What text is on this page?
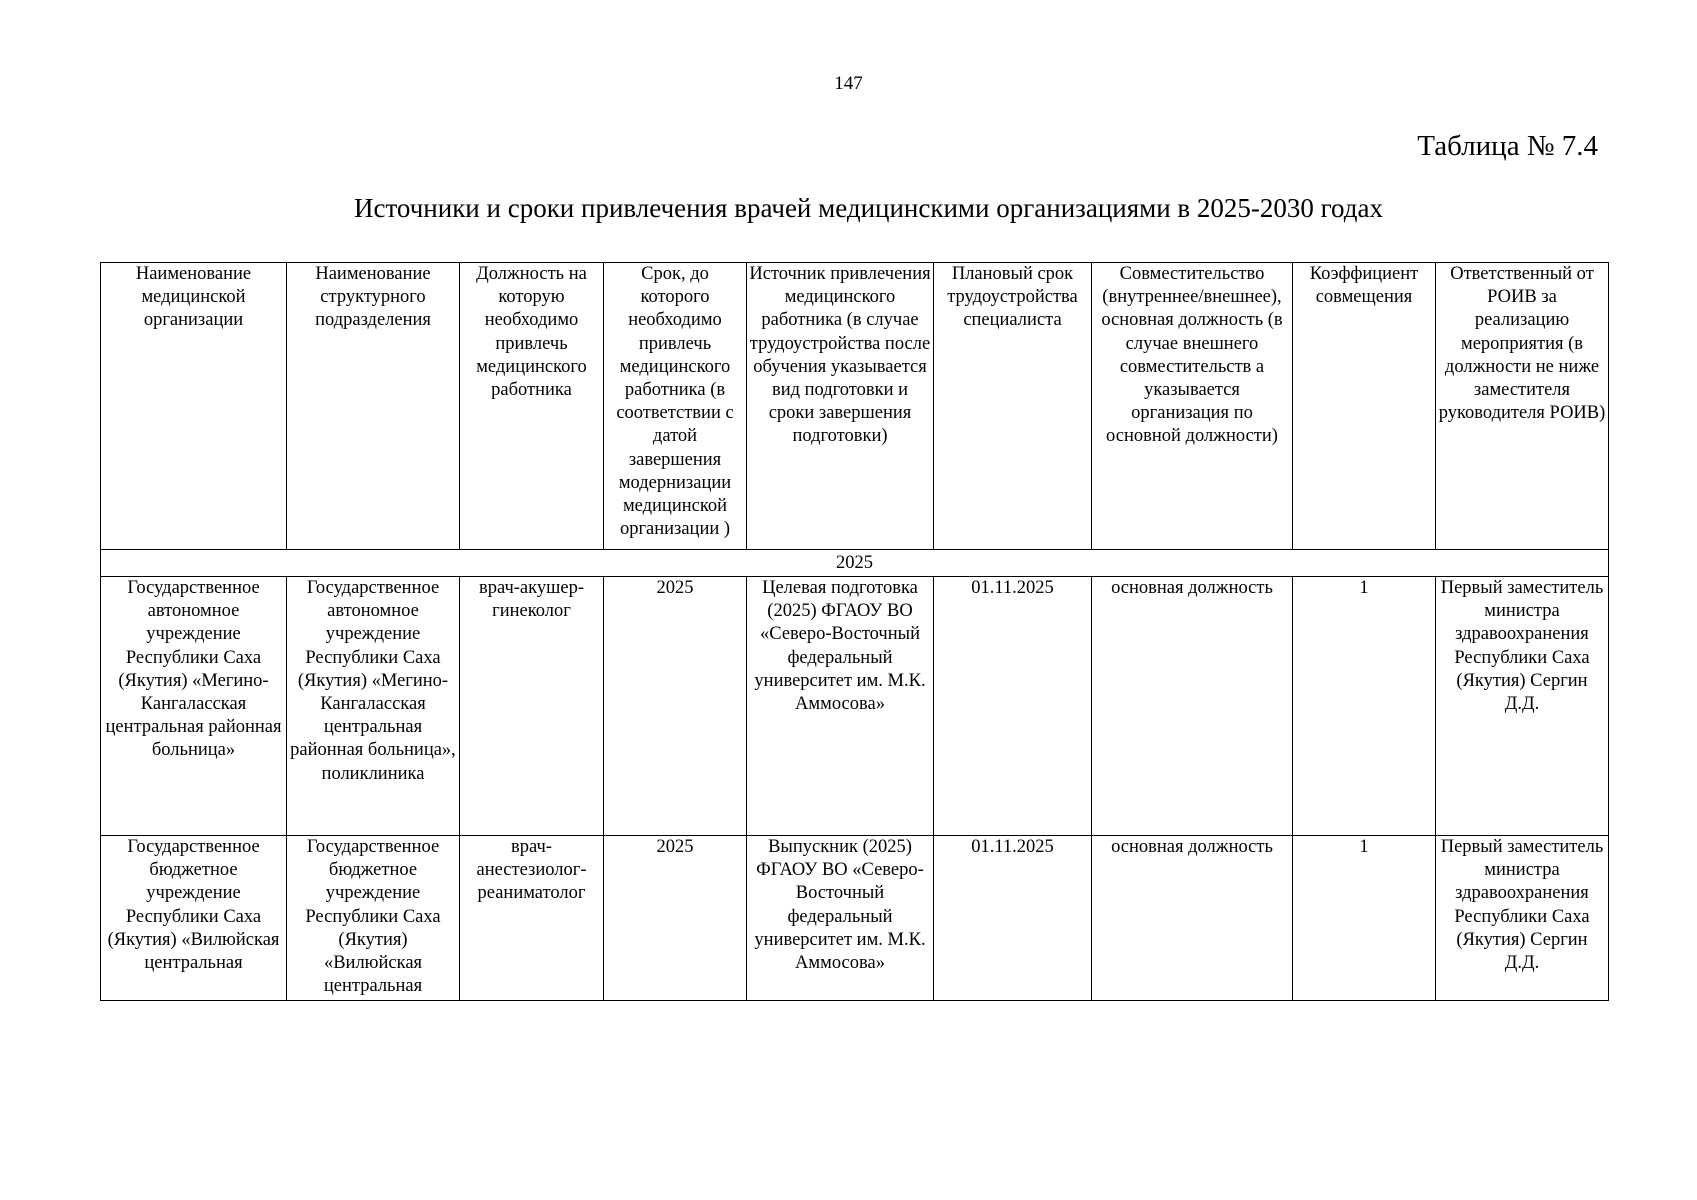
147
Таблица № 7.4
Источники и сроки привлечения врачей медицинскими организациями в 2025-2030 годах
Наименование медицинской организации	Наименование структурного подразделения	Должность на которую необходимо привлечь медицинского работника	Срок, до которого необходимо привлечь медицинского работника (в соответствии с датой завершения модернизации медицинской организации )	Источник привлечения медицинского работника (в случае трудоустройства после обучения указывается вид подготовки и сроки завершения подготовки)	Плановый срок трудоустройства специалиста	Совместительство (внутреннее/внешнее), основная должность (в случае внешнего совместительств а указывается организация по основной должности)	Коэффициент совмещения	Ответственный от РОИВ за реализацию мероприятия (в должности не ниже заместителя руководителя РОИВ)
2025								
Государственное автономное учреждение Республики Саха (Якутия) «Мегино-Кангаласская центральная районная больница»	Государственное автономное учреждение Республики Саха (Якутия) «Мегино-Кангаласская центральная районная больница», поликлиника	врач-акушер-гинеколог	2025	Целевая подготовка (2025) ФГАОУ ВО «Северо-Восточный федеральный университет им. М.К. Аммосова»	01.11.2025	основная должность	1	Первый заместитель министра здравоохранения Республики Саха (Якутия) Сергин Д.Д.
Государственное бюджетное учреждение Республики Саха (Якутия) «Вилюйская центральная	Государственное бюджетное учреждение Республики Саха (Якутия) «Вилюйская центральная	врач-анестезиолог-реаниматолог	2025	Выпускник (2025) ФГАОУ ВО «Северо-Восточный федеральный университет им. М.К. Аммосова»	01.11.2025	основная должность	1	Первый заместитель министра здравоохранения Республики Саха (Якутия) Сергин Д.Д.
